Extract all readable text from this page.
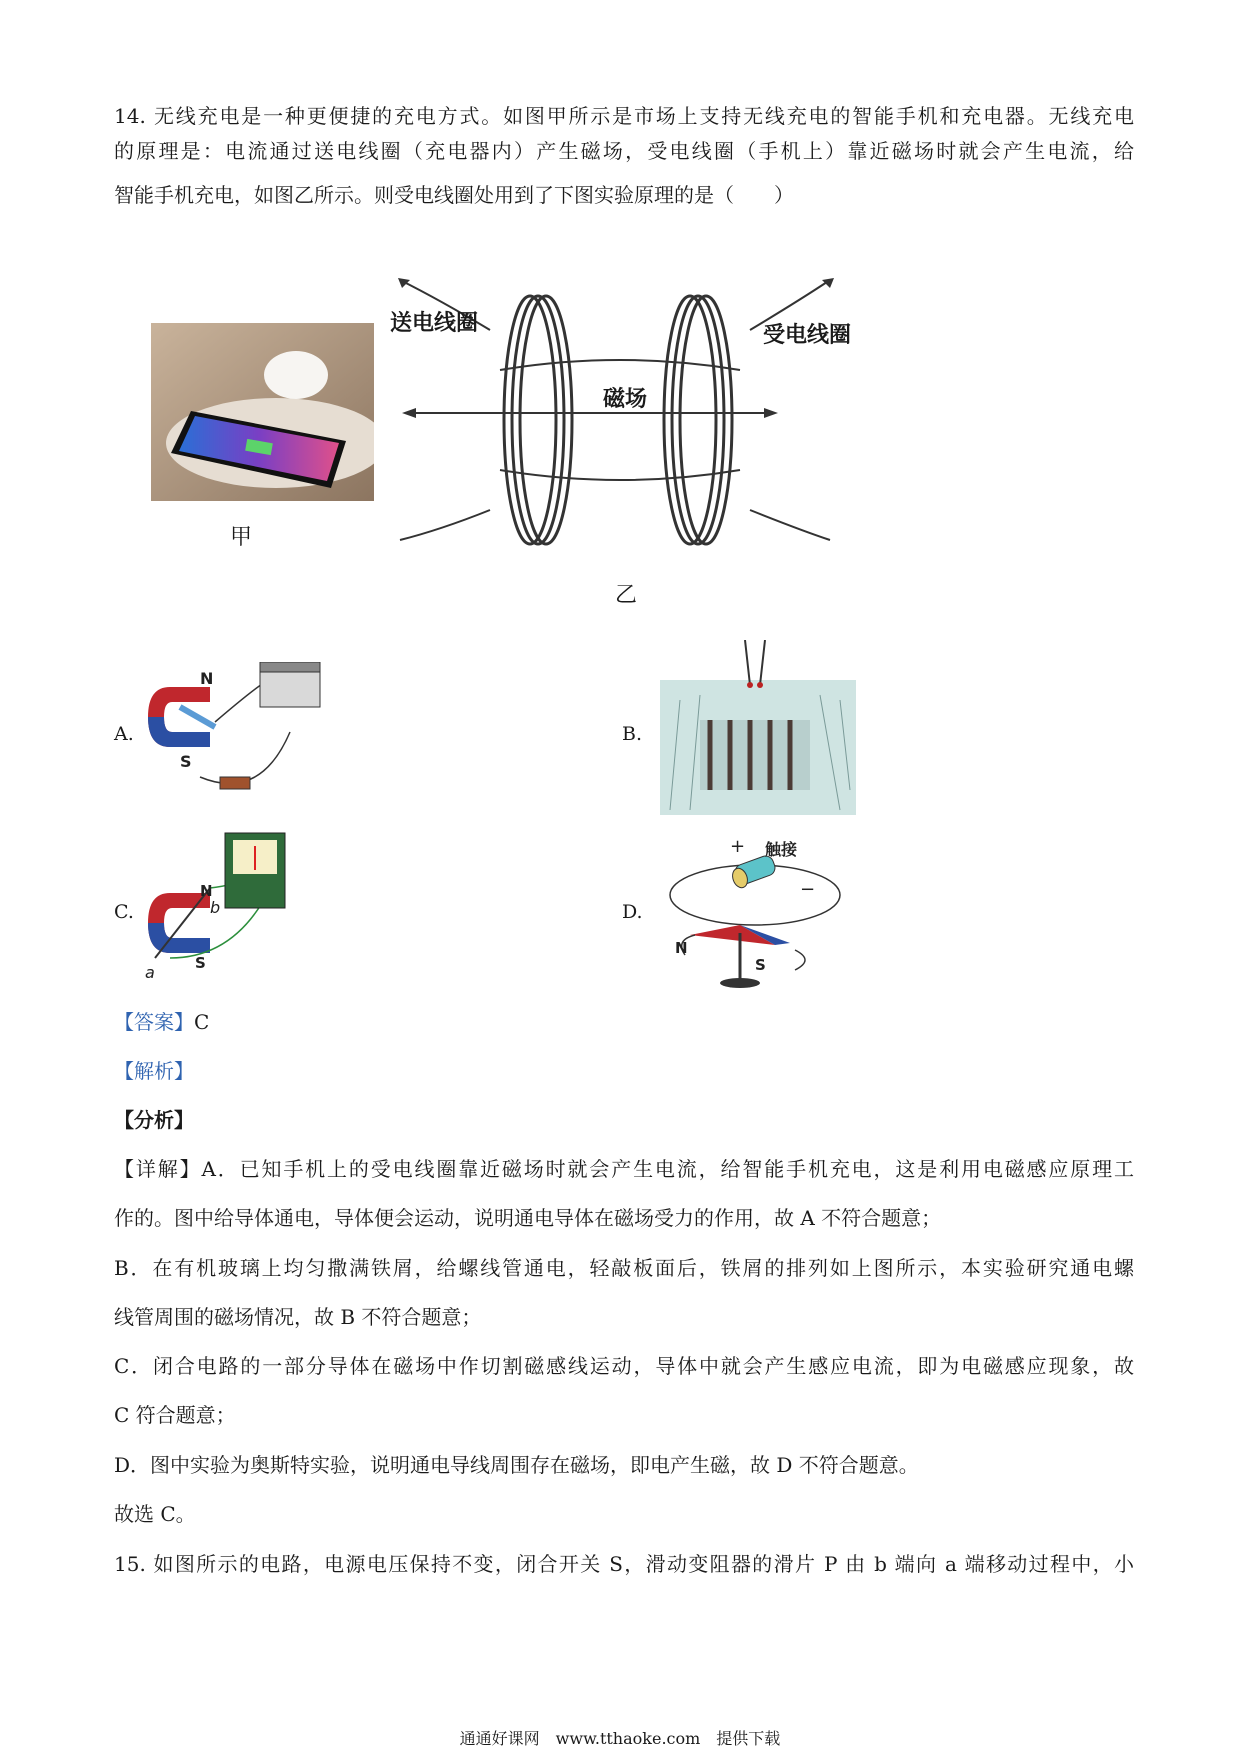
14. 无线充电是一种更便捷的充电方式。如图甲所示是市场上支持无线充电的智能手机和充电器。无线充电
的原理是：电流通过送电线圈（充电器内）产生磁场，受电线圈（手机上）靠近磁场时就会产生电流，给
智能手机充电，如图乙所示。则受电线圈处用到了下图实验原理的是（　　）
甲
送电线圈	受电线圈
磁场
乙
A.
N
S
B.
C.
N
S
a
b	D.
+
−
触接
N
S
【答案】C
【解析】
【分析】
【详解】A．已知手机上的受电线圈靠近磁场时就会产生电流，给智能手机充电，这是利用电磁感应原理工
作的。图中给导体通电，导体便会运动，说明通电导体在磁场受力的作用，故 A 不符合题意；
B．在有机玻璃上均匀撒满铁屑，给螺线管通电，轻敲板面后，铁屑的排列如上图所示，本实验研究通电螺
线管周围的磁场情况，故 B 不符合题意；
C．闭合电路的一部分导体在磁场中作切割磁感线运动，导体中就会产生感应电流，即为电磁感应现象，故
C 符合题意；
D．图中实验为奥斯特实验，说明通电导线周围存在磁场，即电产生磁，故 D 不符合题意。
故选 C。
15. 如图所示的电路，电源电压保持不变，闭合开关 S，滑动变阻器的滑片 P 由 b 端向 a 端移动过程中，小
通通好课网　www.tthaoke.com　提供下载
